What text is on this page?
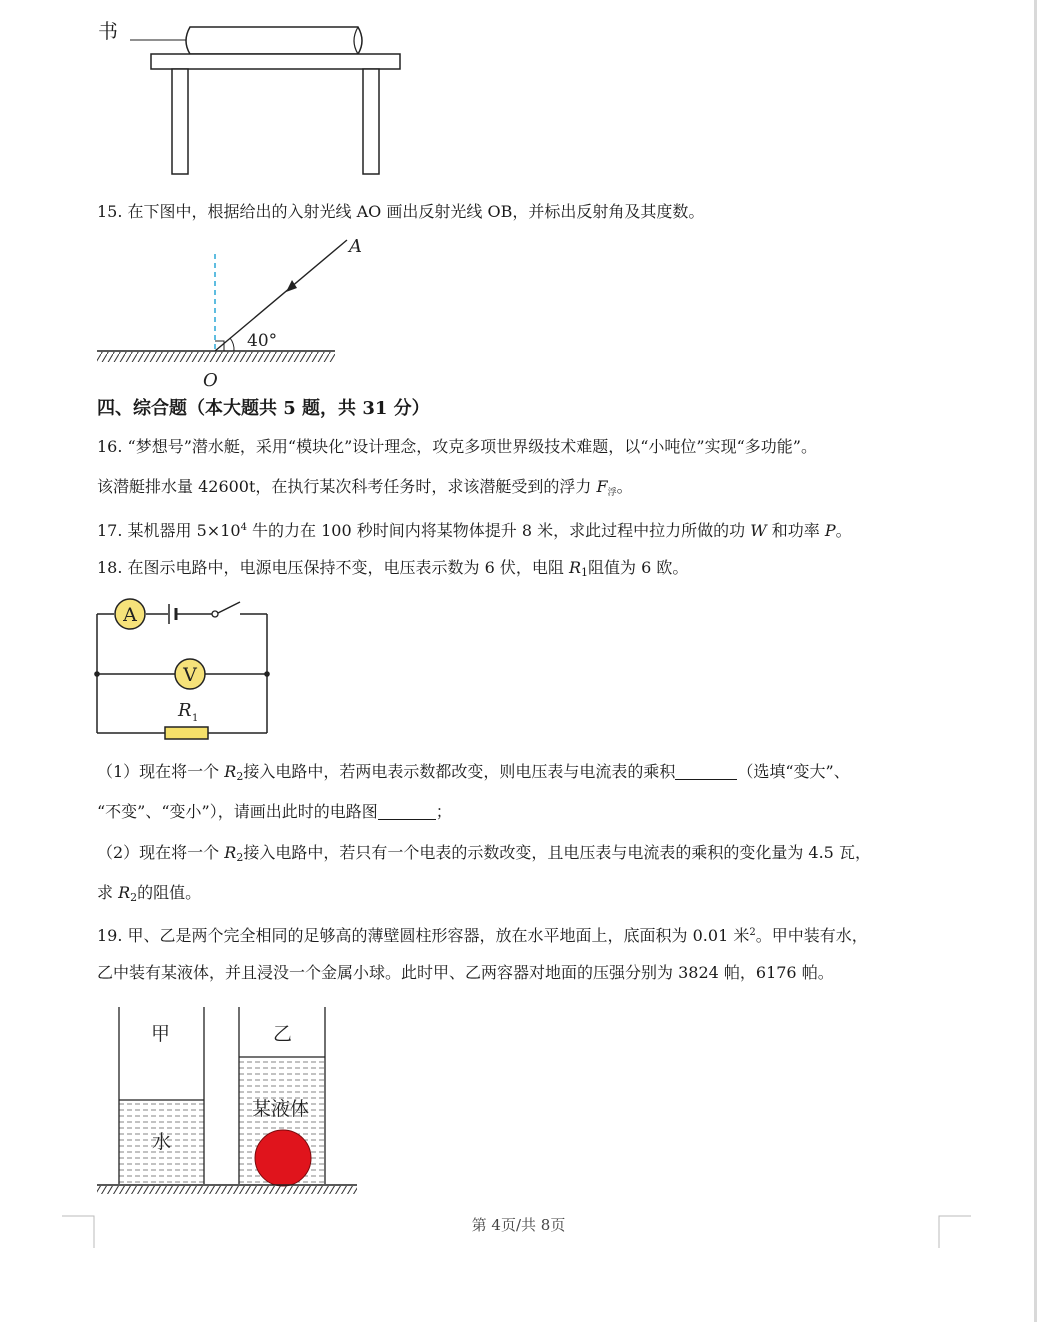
书
15. 在下图中，根据给出的入射光线 AO 画出反射光线 OB，并标出反射角及其度数。
A
40°
O
四、综合题（本大题共 5 题，共 31 分）
16. “梦想号”潜水艇，采用“模块化”设计理念，攻克多项世界级技术难题，以“小吨位”实现“多功能”。
该潜艇排水量 42600t，在执行某次科考任务时，求该潜艇受到的浮力 $F_浮$。
17. 某机器用 $5\times 10^4$ 牛的力在 100 秒时间内将某物体提升 8 米，求此过程中拉力所做的功 W 和功率 P。
18. 在图示电路中，电源电压保持不变，电压表示数为 6 伏，电阻 $R_1$阻值为 6 欧。
A
V
R 1
（1）现在将一个 $R_2$接入电路中，若两电表示数都改变，则电压表与电流表的乘积	（选填“变大”、
“不变”、“变小”），请画出此时的电路图	；
（2）现在将一个 $R_2$接入电路中，若只有一个电表的示数改变，且电压表与电流表的乘积的变化量为 4.5 瓦，
求 $R_2$的阻值。
19. 甲、乙是两个完全相同的足够高的薄壁圆柱形容器，放在水平地面上，底面积为 0.01 米$^2$。甲中装有水，
乙中装有某液体，并且浸没一个金属小球。此时甲、乙两容器对地面的压强分别为 3824 帕，6176 帕。
甲
水
乙
某液体
第 4页/共 8页
